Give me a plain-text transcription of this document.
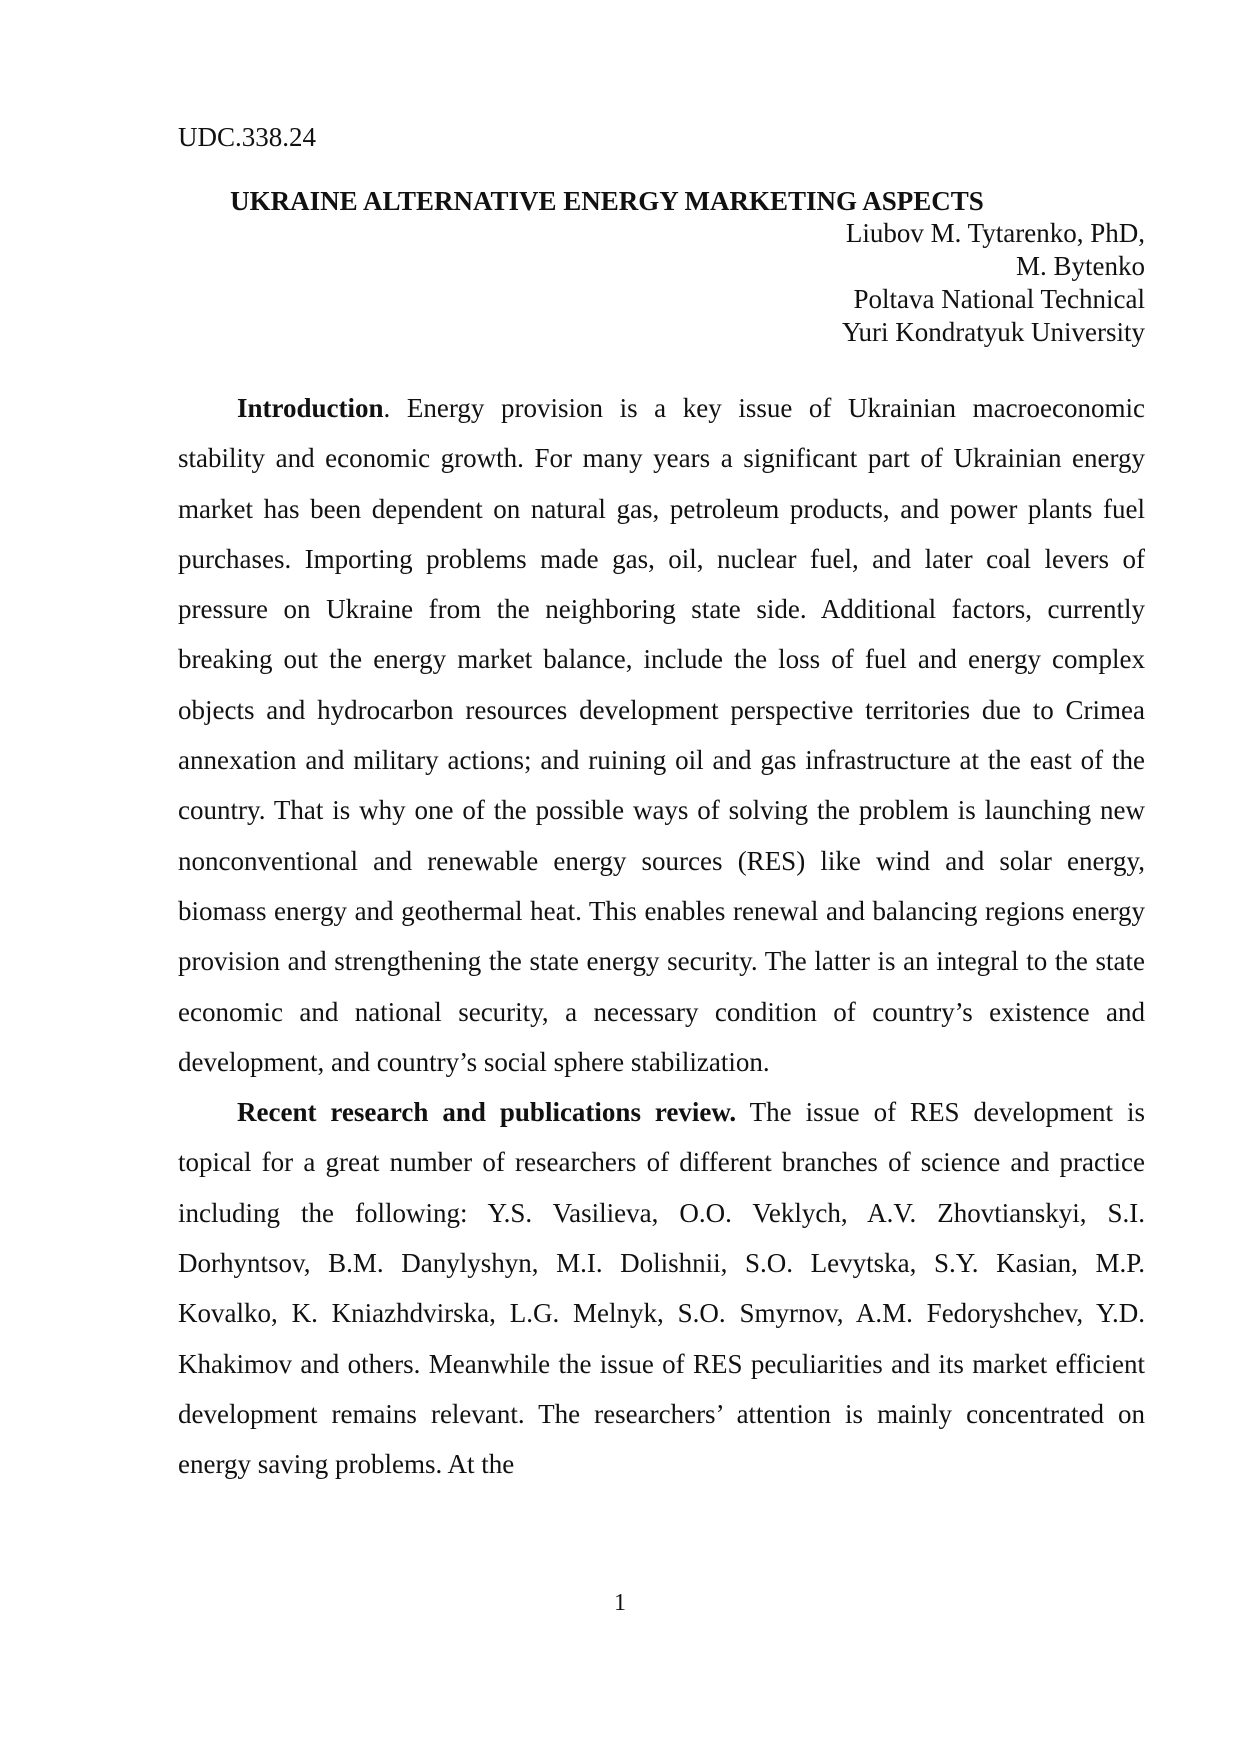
UDC.338.24

UKRAINE ALTERNATIVE ENERGY MARKETING ASPECTS
Liubov M. Tytarenko, PhD,
M. Bytenko
Poltava National Technical
Yuri Kondratyuk University

Introduction. Energy provision is a key issue of Ukrainian macroeconomic stability and economic growth. For many years a significant part of Ukrainian energy market has been dependent on natural gas, petroleum products, and power plants fuel purchases. Importing problems made gas, oil, nuclear fuel, and later coal levers of pressure on Ukraine from the neighboring state side. Additional factors, currently breaking out the energy market balance, include the loss of fuel and energy complex objects and hydrocarbon resources development perspective territories due to Crimea annexation and military actions; and ruining oil and gas infrastructure at the east of the country. That is why one of the possible ways of solving the problem is launching new nonconventional and renewable energy sources (RES) like wind and solar energy, biomass energy and geothermal heat. This enables renewal and balancing regions energy provision and strengthening the state energy security. The latter is an integral to the state economic and national security, a necessary condition of country’s existence and development, and country’s social sphere stabilization.

Recent research and publications review. The issue of RES development is topical for a great number of researchers of different branches of science and practice including the following: Y.S. Vasilieva, O.O. Veklych, A.V. Zhovtianskyi, S.I. Dorhyntsov, B.M. Danylyshyn, M.I. Dolishnii, S.O. Levytska, S.Y. Kasian, M.P. Kovalko, K. Kniazhdvirska, L.G. Melnyk, S.O. Smyrnov, A.M. Fedoryshchev, Y.D. Khakimov and others. Meanwhile the issue of RES peculiarities and its market efficient development remains relevant. The researchers’ attention is mainly concentrated on energy saving problems. At the

1
